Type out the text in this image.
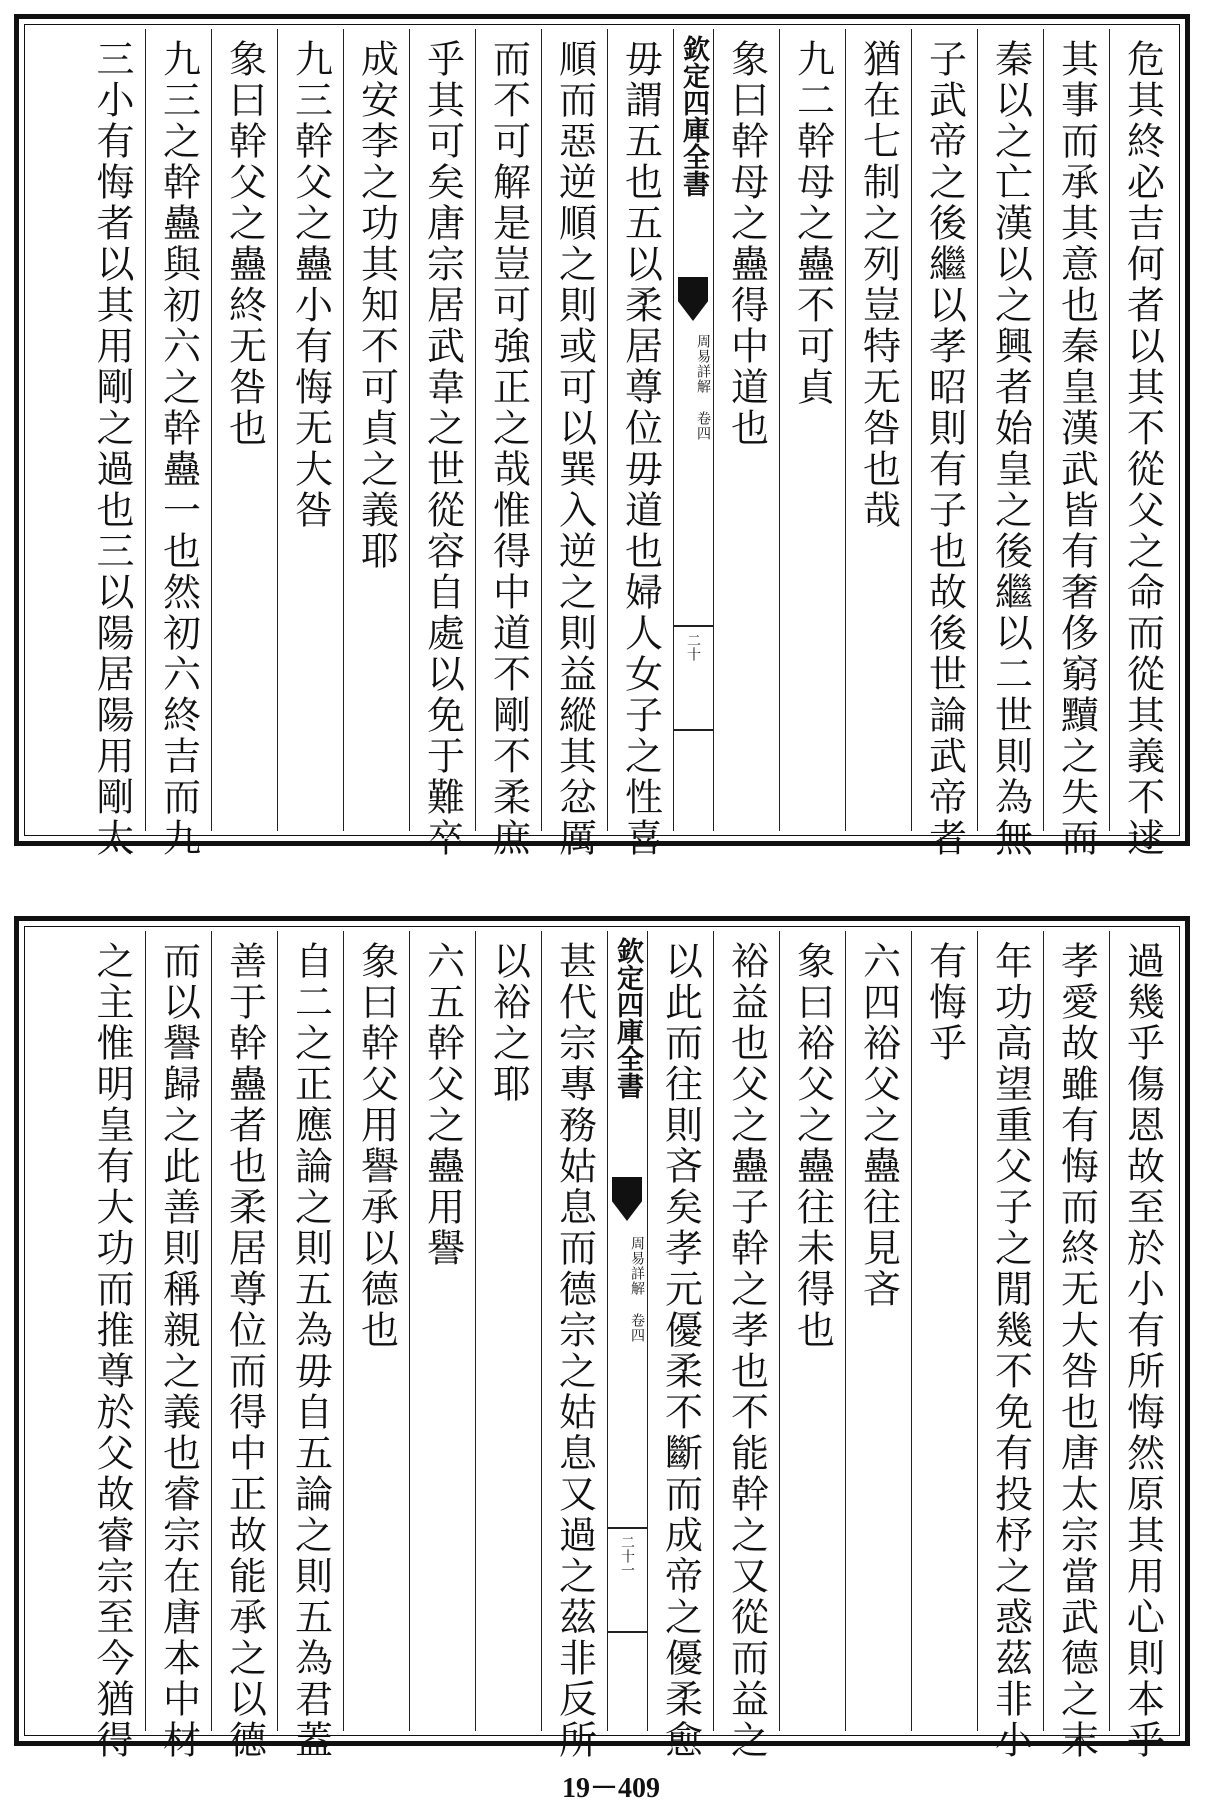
危其終必吉何者以其不從父之命而從其義不逑
其事而承其意也秦皇漢武皆有奢侈窮黷之失而
秦以之亡漢以之興者始皇之後繼以二世則為無
子武帝之後繼以孝昭則有子也故後世論武帝者
猶在七制之列豈特无咎也哉
九二幹母之蠱不可貞
象曰幹母之蠱得中道也
欽定四庫全書
周易詳解 卷四
二十
毋謂五也五以柔居尊位毋道也婦人女子之性喜
順而惡逆順之則或可以巽入逆之則益縱其忿厲
而不可解是豈可強正之哉惟得中道不剛不柔庶
乎其可矣唐宗居武韋之世從容自處以免于難卒
成安李之功其知不可貞之義耶
九三幹父之蠱小有悔无大咎
象曰幹父之蠱終无咎也
九三之幹蠱與初六之幹蠱一也然初六終吉而九
三小有悔者以其用剛之過也三以陽居陽用剛太
過幾乎傷恩故至於小有所悔然原其用心則本乎
孝愛故雖有悔而終无大咎也唐太宗當武德之末
年功高望重父子之閒幾不免有投杼之惑茲非小
有悔乎
六四裕父之蠱往見吝
象曰裕父之蠱往未得也
裕益也父之蠱子幹之孝也不能幹之又從而益之
以此而往則吝矣孝元優柔不斷而成帝之優柔愈
欽定四庫全書
周易詳解 卷四
二十一
甚代宗專務姑息而德宗之姑息又過之茲非反所
以裕之耶
六五幹父之蠱用譽
象曰幹父用譽承以德也
自二之正應論之則五為毋自五論之則五為君蓋
善于幹蠱者也柔居尊位而得中正故能承之以德
而以譽歸之此善則稱親之義也睿宗在唐本中材
之主惟明皇有大功而推尊於父故睿宗至今猶得
19－409
